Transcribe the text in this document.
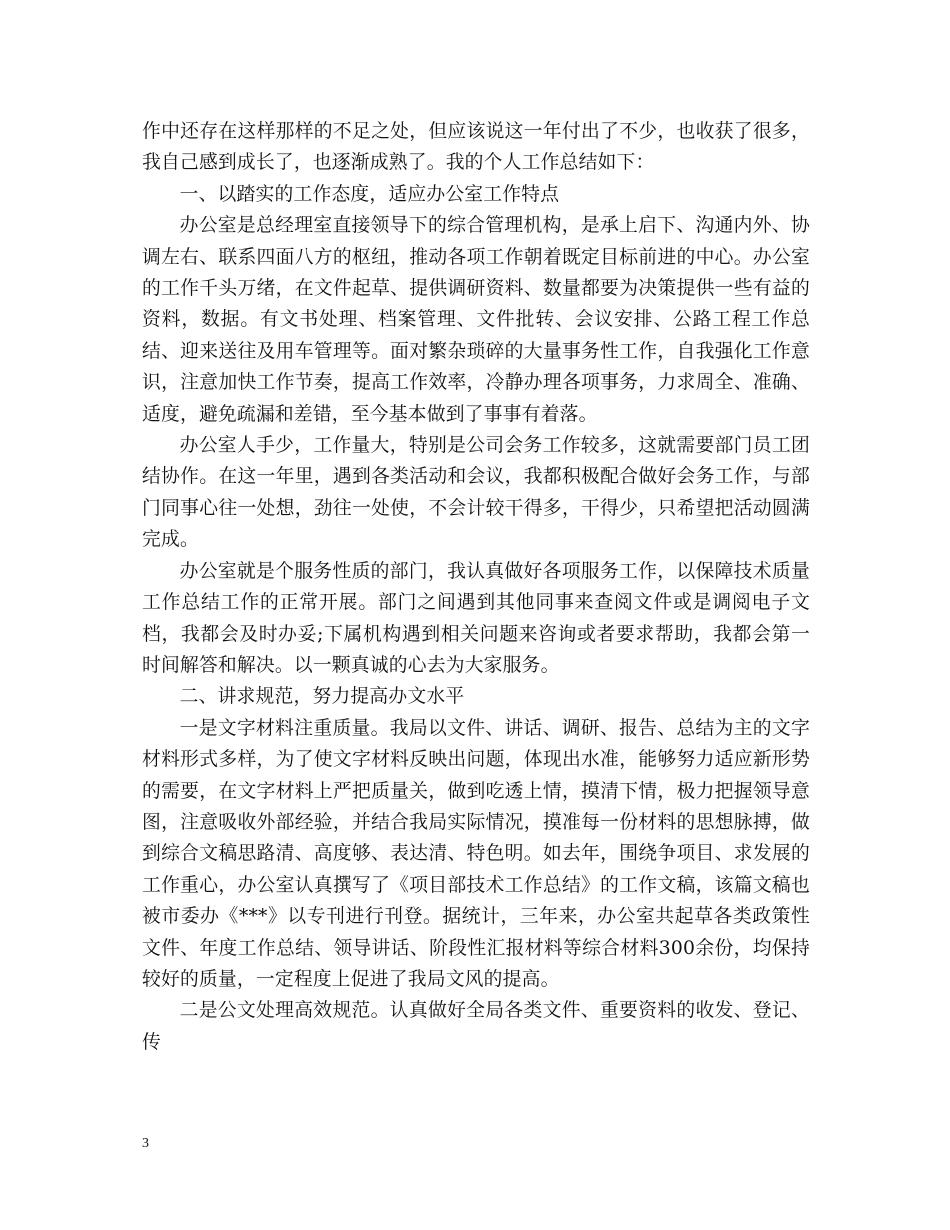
作中还存在这样那样的不足之处，但应该说这一年付出了不少，也收获了很多，我自己感到成长了，也逐渐成熟了。我的个人工作总结如下：

一、以踏实的工作态度，适应办公室工作特点

办公室是总经理室直接领导下的综合管理机构，是承上启下、沟通内外、协调左右、联系四面八方的枢纽，推动各项工作朝着既定目标前进的中心。办公室的工作千头万绪，在文件起草、提供调研资料、数量都要为决策提供一些有益的资料，数据。有文书处理、档案管理、文件批转、会议安排、公路工程工作总结、迎来送往及用车管理等。面对繁杂琐碎的大量事务性工作，自我强化工作意识，注意加快工作节奏，提高工作效率，冷静办理各项事务，力求周全、准确、适度，避免疏漏和差错，至今基本做到了事事有着落。

办公室人手少，工作量大，特别是公司会务工作较多，这就需要部门员工团结协作。在这一年里，遇到各类活动和会议，我都积极配合做好会务工作，与部门同事心往一处想，劲往一处使，不会计较干得多，干得少，只希望把活动圆满完成。

办公室就是个服务性质的部门，我认真做好各项服务工作，以保障技术质量工作总结工作的正常开展。部门之间遇到其他同事来查阅文件或是调阅电子文档，我都会及时办妥;下属机构遇到相关问题来咨询或者要求帮助，我都会第一时间解答和解决。以一颗真诚的心去为大家服务。

二、讲求规范，努力提高办文水平

一是文字材料注重质量。我局以文件、讲话、调研、报告、总结为主的文字材料形式多样，为了使文字材料反映出问题，体现出水准，能够努力适应新形势的需要，在文字材料上严把质量关，做到吃透上情，摸清下情，极力把握领导意图，注意吸收外部经验，并结合我局实际情况，摸准每一份材料的思想脉搏，做到综合文稿思路清、高度够、表达清、特色明。如去年，围绕争项目、求发展的工作重心，办公室认真撰写了《项目部技术工作总结》的工作文稿，该篇文稿也被市委办《***》以专刊进行刊登。据统计，三年来，办公室共起草各类政策性文件、年度工作总结、领导讲话、阶段性汇报材料等综合材料300余份，均保持较好的质量，一定程度上促进了我局文风的提高。

二是公文处理高效规范。认真做好全局各类文件、重要资料的收发、登记、传

3
